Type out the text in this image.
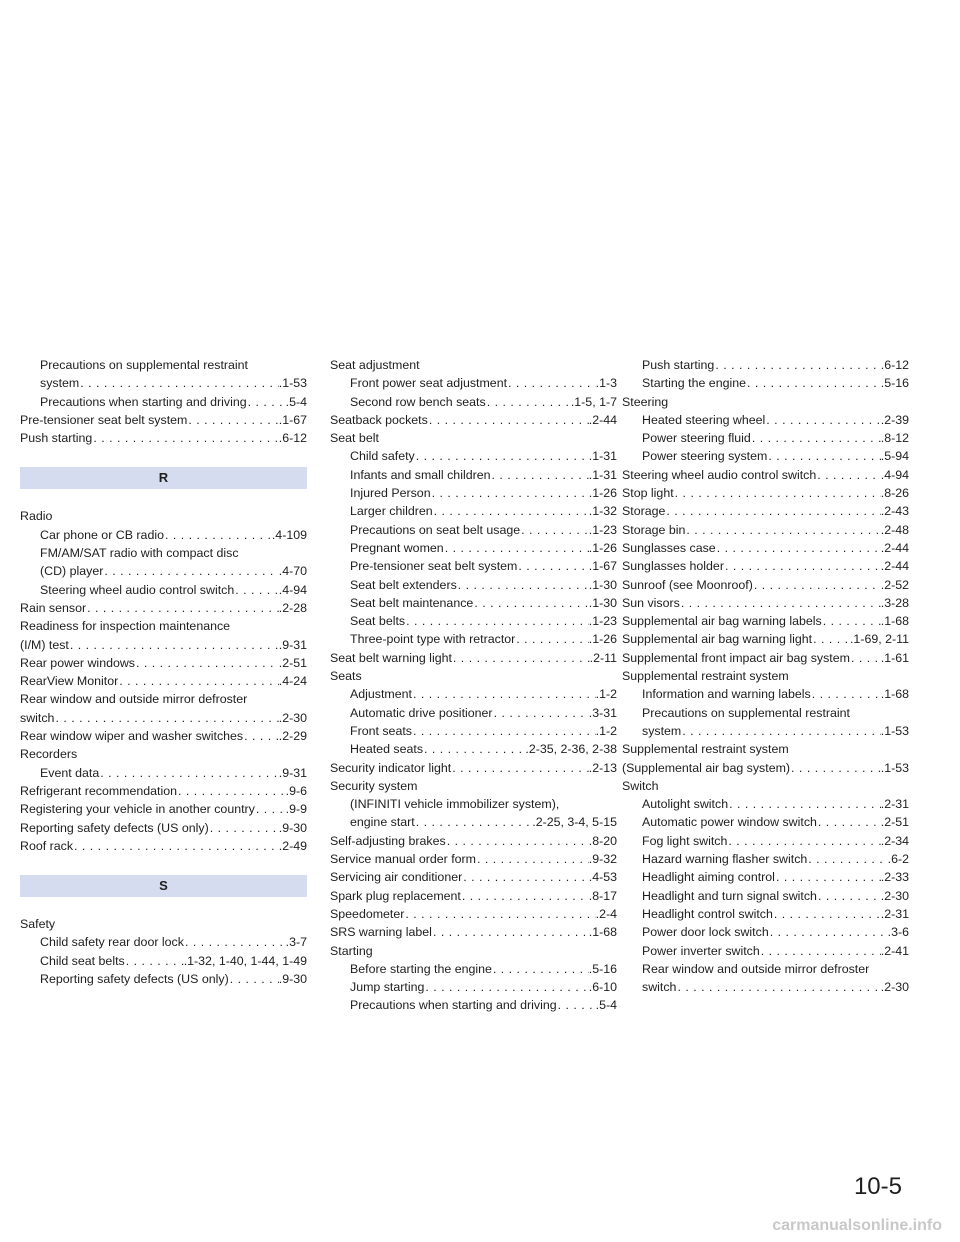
Precautions on supplemental restraint
system . . .	.1-53
Precautions when starting and driving . . .	.5-4
Pre-tensioner seat belt system . . .	.1-67
Push starting . . .	.6-12
R
Radio
Car phone or CB radio . . .	.4-109
FM/AM/SAT radio with compact disc
(CD) player . . .	.4-70
Steering wheel audio control switch . . .	.4-94
Rain sensor . . .	.2-28
Readiness for inspection maintenance
(I/M) test . . .	.9-31
Rear power windows . . .	.2-51
RearView Monitor . . .	.4-24
Rear window and outside mirror defroster
switch . . .	.2-30
Rear window wiper and washer switches . . .	.2-29
Recorders
Event data . . .	.9-31
Refrigerant recommendation . . .	.9-6
Registering your vehicle in another country . . . .9-9
Reporting safety defects (US only) . . .	.9-30
Roof rack . . .	.2-49
S
Safety
Child safety rear door lock . . .	.3-7
Child seat belts . . .	.1-32, 1-40, 1-44, 1-49
Reporting safety defects (US only) . . .	.9-30
Seat adjustment
Front power seat adjustment . . .	.1-3
Second row bench seats . . .	.1-5, 1-7
Seatback pockets . . .	.2-44
Seat belt
Child safety . . .	.1-31
Infants and small children . . .	.1-31
Injured Person . . .	.1-26
Larger children . . .	.1-32
Precautions on seat belt usage . . .	.1-23
Pregnant women . . .	.1-26
Pre-tensioner seat belt system . . .	.1-67
Seat belt extenders . . .	.1-30
Seat belt maintenance . . .	.1-30
Seat belts . . .	.1-23
Three-point type with retractor . . .	.1-26
Seat belt warning light . . .	.2-11
Seats
Adjustment . . .	.1-2
Automatic drive positioner . . .	.3-31
Front seats . . .	.1-2
Heated seats . . .	.2-35, 2-36, 2-38
Security indicator light . . .	.2-13
Security system
(INFINITI vehicle immobilizer system),
engine start . . .	.2-25, 3-4, 5-15
Self-adjusting brakes . . .	.8-20
Service manual order form . . .	.9-32
Servicing air conditioner . . .	.4-53
Spark plug replacement . . .	.8-17
Speedometer . . .	.2-4
SRS warning label . . .	.1-68
Starting
Before starting the engine . . .	.5-16
Jump starting . . .	.6-10
Precautions when starting and driving . . .	.5-4
Push starting . . .	.6-12
Starting the engine . . .	.5-16
Steering
Heated steering wheel . . .	.2-39
Power steering fluid . . .	.8-12
Power steering system . . .	.5-94
Steering wheel audio control switch . . .	.4-94
Stop light . . .	.8-26
Storage . . .	.2-43
Storage bin . . .	.2-48
Sunglasses case . . .	.2-44
Sunglasses holder . . .	.2-44
Sunroof (see Moonroof) . . .	.2-52
Sun visors . . .	.3-28
Supplemental air bag warning labels . . .	.1-68
Supplemental air bag warning light . . .	.1-69, 2-11
Supplemental front impact air bag system . . . .1-61
Supplemental restraint system
Information and warning labels . . .	.1-68
Precautions on supplemental restraint
system . . .	.1-53
Supplemental restraint system
(Supplemental air bag system) . . .	.1-53
Switch
Autolight switch . . .	.2-31
Automatic power window switch . . .	.2-51
Fog light switch . . .	.2-34
Hazard warning flasher switch . . .	.6-2
Headlight aiming control . . .	.2-33
Headlight and turn signal switch . . .	.2-30
Headlight control switch . . .	.2-31
Power door lock switch . . .	.3-6
Power inverter switch . . .	.2-41
Rear window and outside mirror defroster
switch . . .	.2-30
10-5
carmanualsonline.info
